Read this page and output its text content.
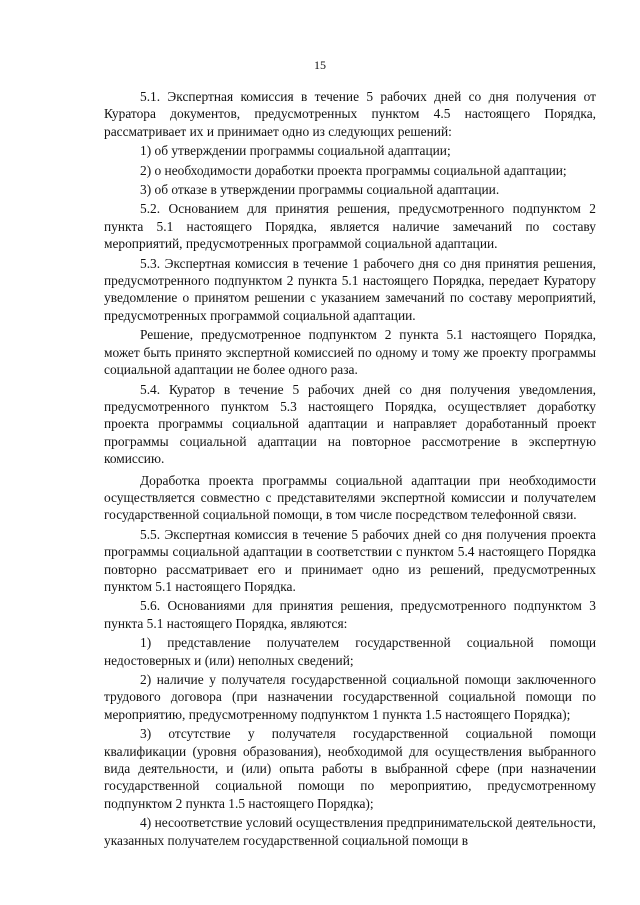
15

5.1. Экспертная комиссия в течение 5 рабочих дней со дня получения от Куратора документов, предусмотренных пунктом 4.5 настоящего Порядка, рассматривает их и принимает одно из следующих решений:

1) об утверждении программы социальной адаптации;

2) о необходимости доработки проекта программы социальной адаптации;

3) об отказе в утверждении программы социальной адаптации.

5.2. Основанием для принятия решения, предусмотренного подпунктом 2 пункта 5.1 настоящего Порядка, является наличие замечаний по составу мероприятий, предусмотренных программой социальной адаптации.

5.3. Экспертная комиссия в течение 1 рабочего дня со дня принятия решения, предусмотренного подпунктом 2 пункта 5.1 настоящего Порядка, передает Куратору уведомление о принятом решении с указанием замечаний по составу мероприятий, предусмотренных программой социальной адаптации.

Решение, предусмотренное подпунктом 2 пункта 5.1 настоящего Порядка, может быть принято экспертной комиссией по одному и тому же проекту программы социальной адаптации не более одного раза.

5.4. Куратор в течение 5 рабочих дней со дня получения уведомления, предусмотренного пунктом 5.3 настоящего Порядка, осуществляет доработку проекта программы социальной адаптации и направляет доработанный проект программы социальной адаптации на повторное рассмотрение в экспертную комиссию.

Доработка проекта программы социальной адаптации при необходимости осуществляется совместно с представителями экспертной комиссии и получателем государственной социальной помощи, в том числе посредством телефонной связи.

5.5. Экспертная комиссия в течение 5 рабочих дней со дня получения проекта программы социальной адаптации в соответствии с пунктом 5.4 настоящего Порядка повторно рассматривает его и принимает одно из решений, предусмотренных пунктом 5.1 настоящего Порядка.

5.6. Основаниями для принятия решения, предусмотренного подпунктом 3 пункта 5.1 настоящего Порядка, являются:

1) представление получателем государственной социальной помощи недостоверных и (или) неполных сведений;

2) наличие у получателя государственной социальной помощи заключенного трудового договора (при назначении государственной социальной помощи по мероприятию, предусмотренному подпунктом 1 пункта 1.5 настоящего Порядка);

3) отсутствие у получателя государственной социальной помощи квалификации (уровня образования), необходимой для осуществления выбранного вида деятельности, и (или) опыта работы в выбранной сфере (при назначении государственной социальной помощи по мероприятию, предусмотренному подпунктом 2 пункта 1.5 настоящего Порядка);

4) несоответствие условий осуществления предпринимательской деятельности, указанных получателем государственной социальной помощи в
